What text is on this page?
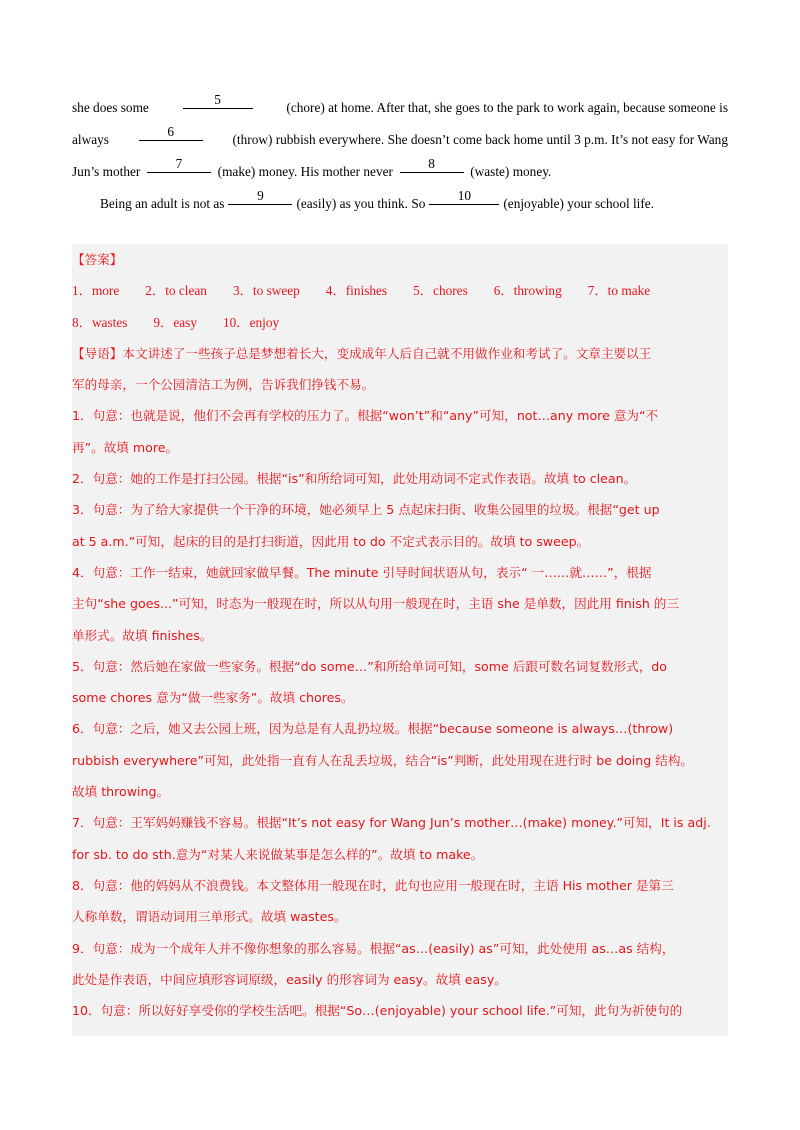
she does some
5
(chore) at home. After that, she goes to the park to work again, because someone is
always
6
(throw) rubbish everywhere. She doesn’t come back home until 3 p.m. It’s not easy for Wang
Jun’s mother

7

(make) money. His mother never

8

(waste) money.
Being an adult is not as
9
(easily) as you think. So
10
(enjoyable) your school life.
【答案】
1．more 2．to clean 3．to sweep 4．finishes 5．chores 6．throwing 7．to make
8．wastes 9．easy 10．enjoy
【导语】本文讲述了一些孩子总是梦想着长大，变成成年人后自己就不用做作业和考试了。文章主要以王
军的母亲，一个公园清洁工为例，告诉我们挣钱不易。
1．句意：也就是说，他们不会再有学校的压力了。根据“won’t”和“any”可知，not…any more 意为“不
再”。故填 more。
2．句意：她的工作是打扫公园。根据“is”和所给词可知，此处用动词不定式作表语。故填 to clean。
3．句意：为了给大家提供一个干净的环境，她必须早上 5 点起床扫街、收集公园里的垃圾。根据“get up
at 5 a.m.”可知，起床的目的是打扫街道，因此用 to do 不定式表示目的。故填 to sweep。
4．句意：工作一结束，她就回家做早餐。The minute 引导时间状语从句，表示“ 一……就……”，根据
主句“she goes...”可知，时态为一般现在时，所以从句用一般现在时，主语 she 是单数，因此用 finish 的三
单形式。故填 finishes。
5．句意：然后她在家做一些家务。根据“do some…”和所给单词可知，some 后跟可数名词复数形式，do
some chores 意为“做一些家务”。故填 chores。
6．句意：之后，她又去公园上班，因为总是有人乱扔垃圾。根据“because someone is always…(throw)
rubbish everywhere”可知，此处指一直有人在乱丢垃圾，结合“is”判断，此处用现在进行时 be doing 结构。
故填 throwing。
7．句意：王军妈妈赚钱不容易。根据“It’s not easy for Wang Jun’s mother…(make) money.”可知，It is adj.
for sb. to do sth.意为“对某人来说做某事是怎么样的”。故填 to make。
8．句意：他的妈妈从不浪费钱。本文整体用一般现在时，此句也应用一般现在时，主语 His mother 是第三
人称单数，谓语动词用三单形式。故填 wastes。
9．句意：成为一个成年人并不像你想象的那么容易。根据“as…(easily) as”可知，此处使用 as…as 结构，
此处是作表语，中间应填形容词原级，easily 的形容词为 easy。故填 easy。
10．句意：所以好好享受你的学校生活吧。根据“So…(enjoyable) your school life.”可知，此句为祈使句的
